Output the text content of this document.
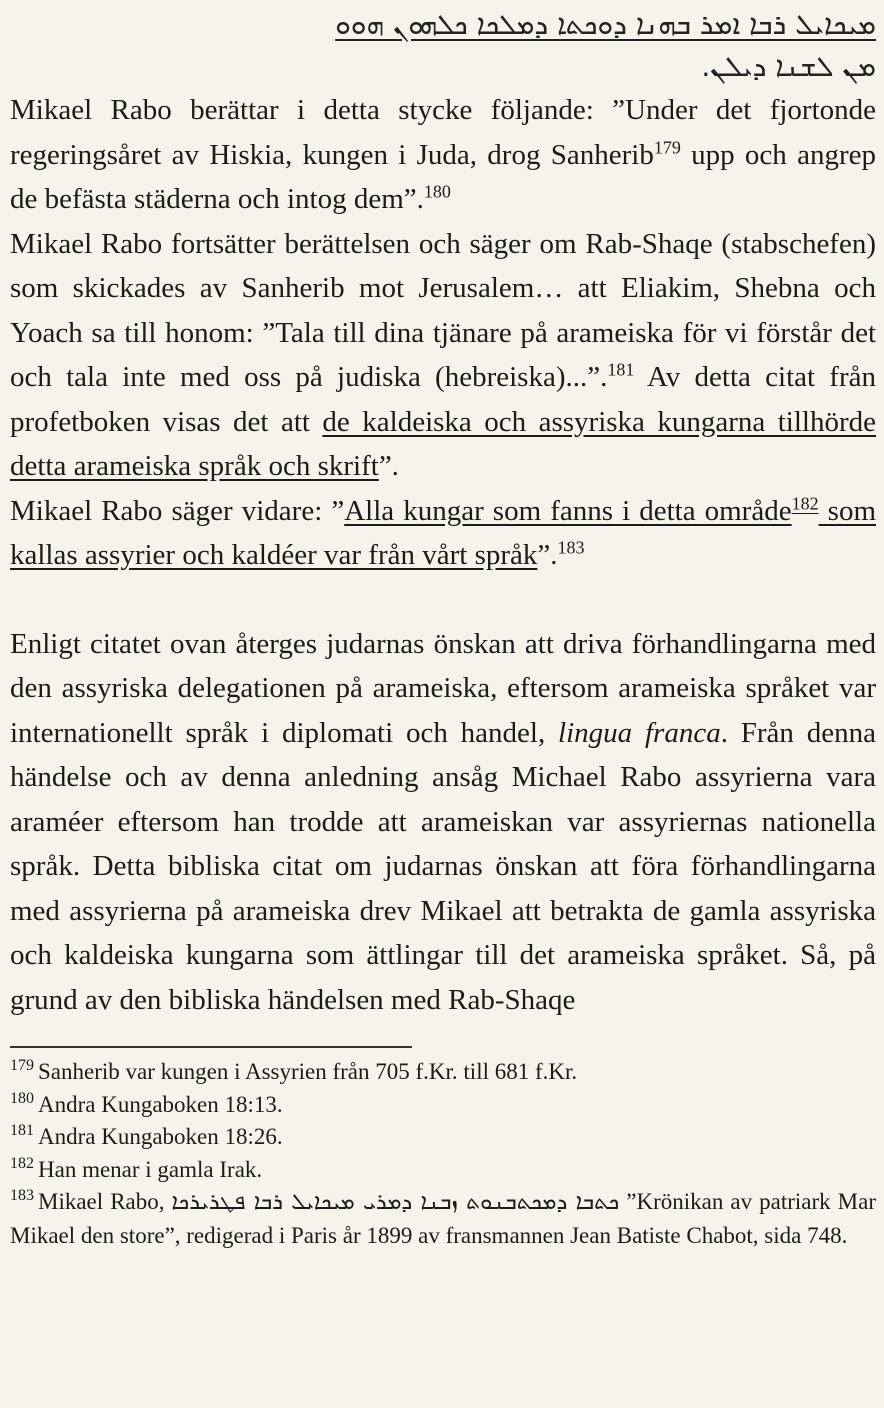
ܡܝܟܐܝܠ ܪܒܐ ܐܡܪ ܒܗܢܐ ܕܘܟܬܐ ܕܡܠܟܐ ܟܠܗܘܢ ܗܘܘ
ܡܢ ܠܫܢܐ ܕܝܠܢ.

Mikael Rabo berättar i detta stycke följande: ”Under det fjortonde regeringsåret av Hiskia, kungen i Juda, drog Sanherib$^{179}$ upp och angrep de befästa städerna och intog dem”.$^{180}$

Mikael Rabo fortsätter berättelsen och säger om Rab-Shaqe (stabschefen) som skickades av Sanherib mot Jerusalem… att Eliakim, Shebna och Yoach sa till honom: ”Tala till dina tjänare på arameiska för vi förstår det och tala inte med oss på judiska (hebreiska)...”.$^{181}$ Av detta citat från profetboken visas det att de kaldeiska och assyriska kungarna tillhörde detta arameiska språk och skrift”.

Mikael Rabo säger vidare: ”Alla kungar som fanns i detta område$^{182}$ som kallas assyrier och kaldéer var från vårt språk”.$^{183}$

Enligt citatet ovan återges judarnas önskan att driva förhandlingarna med den assyriska delegationen på arameiska, eftersom arameiska språket var internationellt språk i diplomati och handel, lingua franca. Från denna händelse och av denna anledning ansåg Michael Rabo assyrierna vara araméer eftersom han trodde att arameiskan var assyriernas nationella språk. Detta bibliska citat om judarnas önskan att föra förhandlingarna med assyrierna på arameiska drev Mikael att betrakta de gamla assyriska och kaldeiska kungarna som ättlingar till det arameiska språket. Så, på grund av den bibliska händelsen med Rab-Shaqe

$^{179}$ Sanherib var kungen i Assyrien från 705 f.Kr. till 681 f.Kr.

$^{180}$ Andra Kungaboken 18:13.

$^{181}$ Andra Kungaboken 18:26.

$^{182}$ Han menar i gamla Irak.

$^{183}$ Mikael Rabo, ܟܬܒܐ ܕܡܟܬܒܢܘܬ ܙܒܢܐ ܕܡܪܝ ܡܝܟܐܝܠ ܪܒܐ ܦܛܪܝܪܟܐ ”Krönikan av patriark Mar Mikael den store”, redigerad i Paris år 1899 av fransmannen Jean Batiste Chabot, sida 748.
